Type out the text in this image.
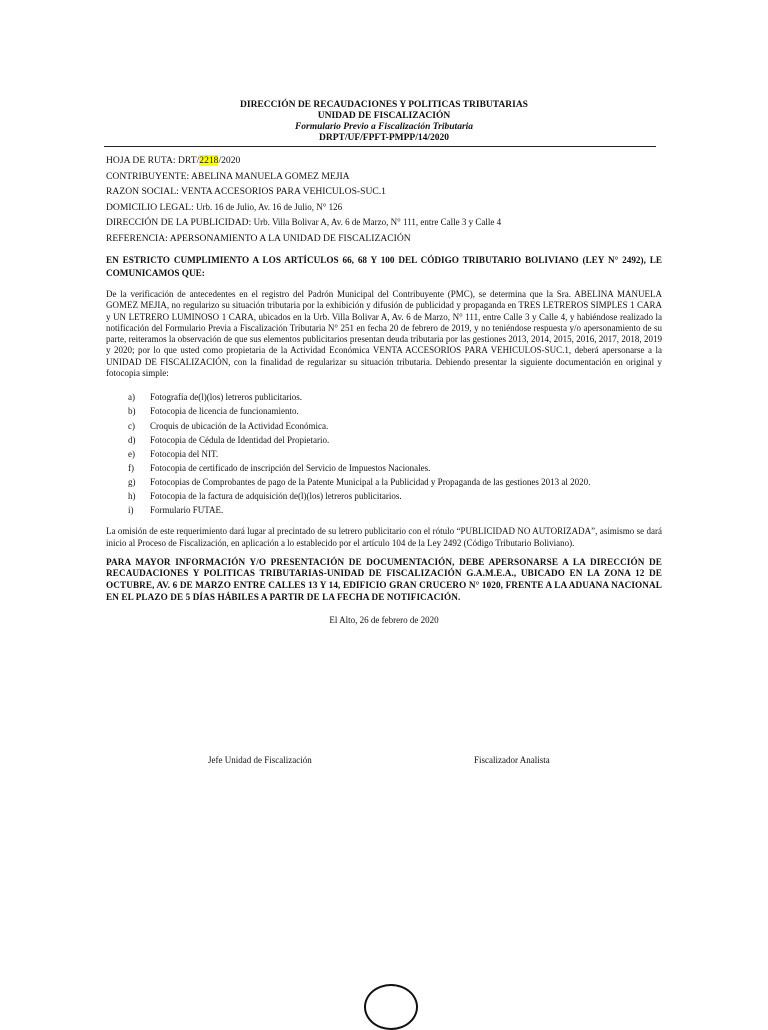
DIRECCIÓN DE RECAUDACIONES Y POLITICAS TRIBUTARIAS
UNIDAD DE FISCALIZACIÓN
Formulario Previo a Fiscalización Tributaria
DRPT/UF/FPFT-PMPP/14/2020
HOJA DE RUTA: DRT/2218/2020
CONTRIBUYENTE: ABELINA MANUELA GOMEZ MEJIA
RAZON SOCIAL: VENTA ACCESORIOS PARA VEHICULOS-SUC.1
DOMICILIO LEGAL: Urb. 16 de Julio, Av. 16 de Julio, N° 126
DIRECCIÓN DE LA PUBLICIDAD: Urb. Villa Bolivar A, Av. 6 de Marzo, N° 111, entre Calle 3 y Calle 4
REFERENCIA: APERSONAMIENTO A LA UNIDAD DE FISCALIZACIÓN
EN ESTRICTO CUMPLIMIENTO A LOS ARTÍCULOS 66, 68 Y 100 DEL CÓDIGO TRIBUTARIO BOLIVIANO (LEY N° 2492), LE COMUNICAMOS QUE:
De la verificación de antecedentes en el registro del Padrón Municipal del Contribuyente (PMC), se determina que la Sra. ABELINA MANUELA GOMEZ MEJIA, no regularizo su situación tributaria por la exhibición y difusión de publicidad y propaganda en TRES LETREROS SIMPLES 1 CARA y UN LETRERO LUMINOSO 1 CARA, ubicados en la Urb. Villa Bolivar A, Av. 6 de Marzo, N° 111, entre Calle 3 y Calle 4, y habiéndose realizado la notificación del Formulario Previa a Fiscalización Tributaria N° 251 en fecha 20 de febrero de 2019, y no teniéndose respuesta y/o apersonamiento de su parte, reiteramos la observación de que sus elementos publicitarios presentan deuda tributaria por las gestiones 2013, 2014, 2015, 2016, 2017, 2018, 2019 y 2020; por lo que usted como propietaria de la Actividad Económica VENTA ACCESORIOS PARA VEHICULOS-SUC.1, deberá apersonarse a la UNIDAD DE FISCALIZACIÓN, con la finalidad de regularizar su situación tributaria. Debiendo presentar la siguiente documentación en original y fotocopia simple:
a)	Fotografía de(l)(los) letreros publicitarios.
b)	Fotocopia de licencia de funcionamiento.
c)	Croquis de ubicación de la Actividad Económica.
d)	Fotocopia de Cédula de Identidad del Propietario.
e)	Fotocopia del NIT.
f)	Fotocopia de certificado de inscripción del Servicio de Impuestos Nacionales.
g)	Fotocopias de Comprobantes de pago de la Patente Municipal a la Publicidad y Propaganda de las gestiones 2013 al 2020.
h)	Fotocopia de la factura de adquisición de(l)(los) letreros publicitarios.
i)	Formulario FUTAE.
La omisión de este requerimiento dará lugar al precintado de su letrero publicitario con el rótulo “PUBLICIDAD NO AUTORIZADA”, asimismo se dará inicio al Proceso de Fiscalización, en aplicación a lo establecido por el artículo 104 de la Ley 2492 (Código Tributario Boliviano).
PARA MAYOR INFORMACIÓN Y/O PRESENTACIÓN DE DOCUMENTACIÓN, DEBE APERSONARSE A LA DIRECCIÓN DE RECAUDACIONES Y POLITICAS TRIBUTARIAS-UNIDAD DE FISCALIZACIÓN G.A.M.E.A., UBICADO EN LA ZONA 12 DE OCTUBRE, AV. 6 DE MARZO ENTRE CALLES 13 Y 14, EDIFICIO GRAN CRUCERO N° 1020, FRENTE A LA ADUANA NACIONAL EN EL PLAZO DE 5 DÍAS HÁBILES A PARTIR DE LA FECHA DE NOTIFICACIÓN.
El Alto, 26 de febrero de 2020
Jefe Unidad de Fiscalización	Fiscalizador Analista
